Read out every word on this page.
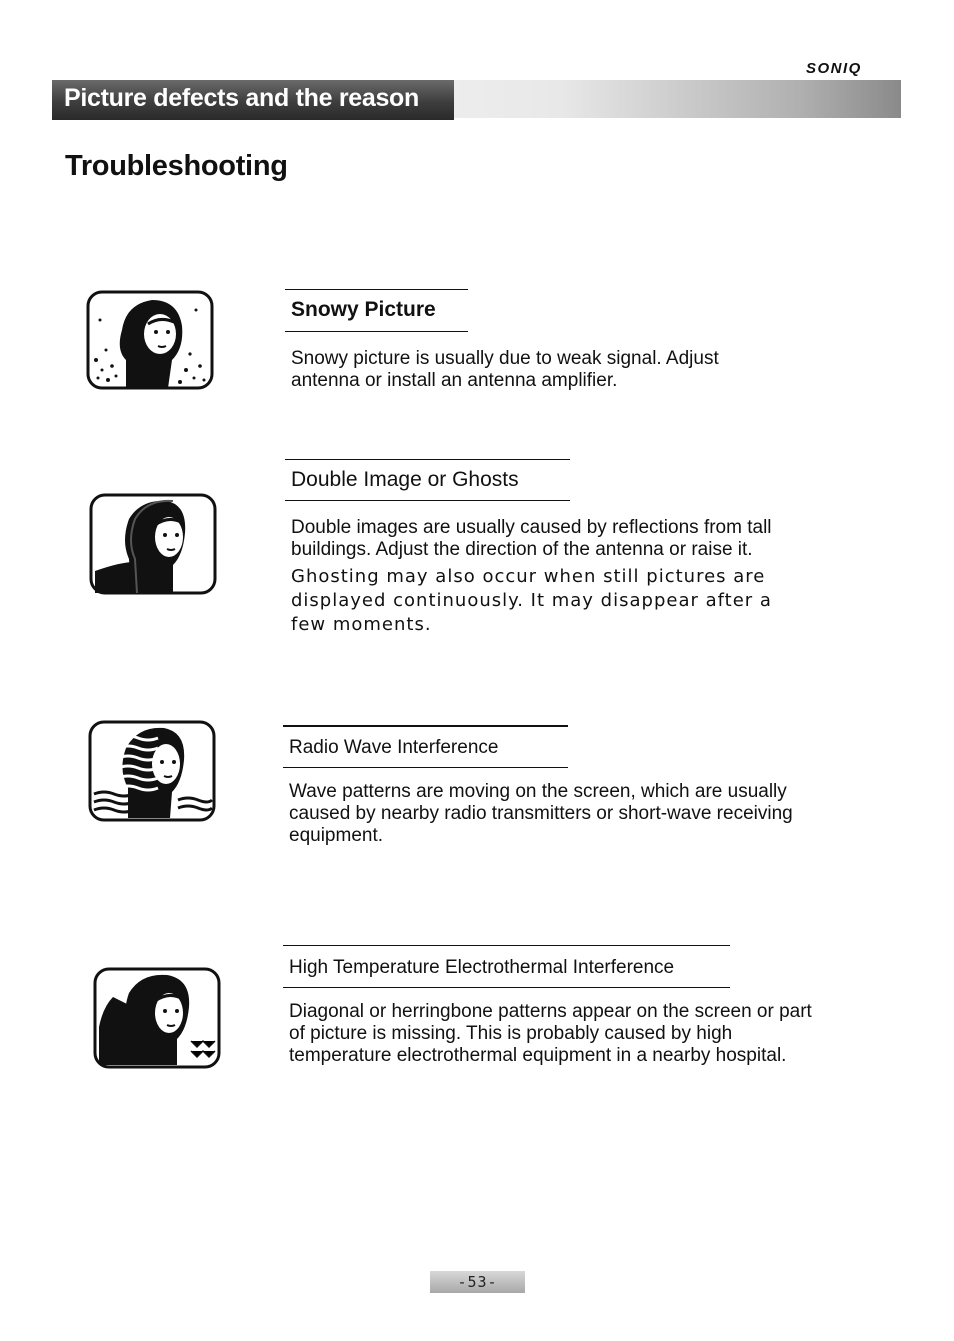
SONIQ
Picture defects and the reason
Troubleshooting
Snowy Picture

Snowy picture is usually due to weak signal. Adjust antenna or install an antenna amplifier.

Double Image or Ghosts

Double images are usually caused by reflections from tall buildings. Adjust the direction of the antenna or raise it.

Ghosting may also occur when still pictures are displayed continuously. It may disappear after a few moments.

Radio Wave Interference

Wave patterns are moving on the screen, which are usually caused by nearby radio transmitters or short-wave receiving equipment.

High Temperature Electrothermal Interference

Diagonal or herringbone patterns appear on the screen or part of picture is missing. This is probably caused by high temperature electrothermal equipment in a nearby hospital.

-53-
